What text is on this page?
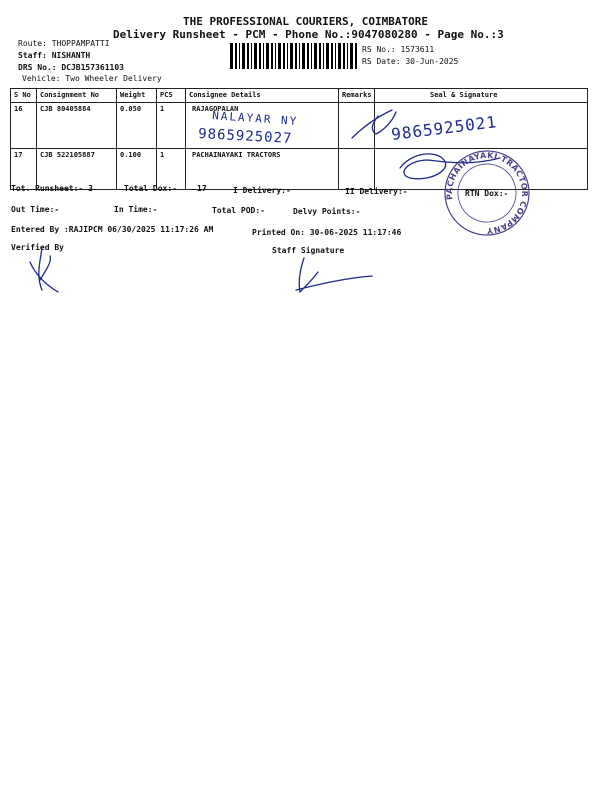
THE PROFESSIONAL COURIERS, COIMBATORE
Delivery Runsheet - PCM - Phone No.:9047080280 - Page No.:3
Route: THOPPAMPATTI
Staff: NISHANTH
DRS No.: DCJB157361103
Vehicle: Two Wheeler Delivery
RS No.: 1573611
RS Date: 30-Jun-2025
S No	Consignment No	Weight	PCS	Consignee Details	Remarks	Seal & Signature
16	CJB 80405884	0.050	1	RAJAGOPALAN		
17	CJB 522105887	0.100	1	PACHAINAYAKI TRACTORS		
Tot. Runsheet:- 3	Total Dox:-	17	I Delivery:-	II Delivery:-	RTN Dox:-
Out Time:-	In Time:-	Total POD:-	Delvy Points:-
Entered By :RAJIPCM 06/30/2025 11:17:26 AM	Printed On: 30-06-2025 11:17:46
Verified By	Staff Signature
NALAYAR NY
9865925027	9865925021
PACHAINAYAKI TRACTOR COMPANY
